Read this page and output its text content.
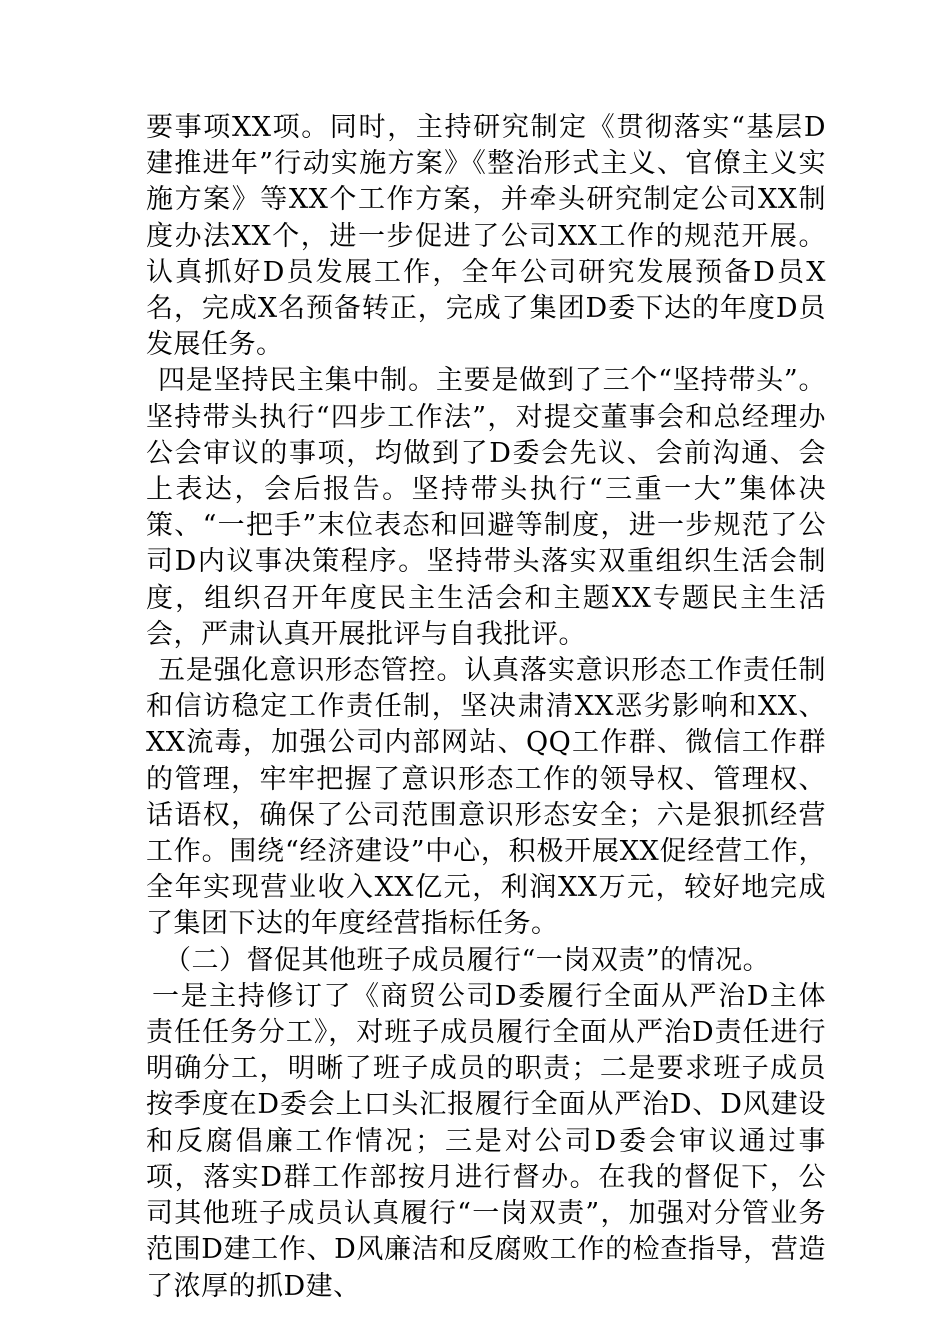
要事项XX项。同时，主持研究制定《贯彻落实“基层D建推进年”行动实施方案》《整治形式主义、官僚主义实施方案》等XX个工作方案，并牵头研究制定公司XX制度办法XX个，进一步促进了公司XX工作的规范开展。认真抓好D员发展工作，全年公司研究发展预备D员X名，完成X名预备转正，完成了集团D委下达的年度D员发展任务。

四是坚持民主集中制。主要是做到了三个“坚持带头”。坚持带头执行“四步工作法”，对提交董事会和总经理办公会审议的事项，均做到了D委会先议、会前沟通、会上表达，会后报告。坚持带头执行“三重一大”集体决策、“一把手”末位表态和回避等制度，进一步规范了公司D内议事决策程序。坚持带头落实双重组织生活会制度，组织召开年度民主生活会和主题XX专题民主生活会，严肃认真开展批评与自我批评。

五是强化意识形态管控。认真落实意识形态工作责任制和信访稳定工作责任制，坚决肃清XX恶劣影响和XX、XX流毒，加强公司内部网站、QQ工作群、微信工作群的管理，牢牢把握了意识形态工作的领导权、管理权、话语权，确保了公司范围意识形态安全；六是狠抓经营工作。围绕“经济建设”中心，积极开展XX促经营工作，全年实现营业收入XX亿元，利润XX万元，较好地完成了集团下达的年度经营指标任务。

（二）督促其他班子成员履行“一岗双责”的情况。

一是主持修订了《商贸公司D委履行全面从严治D主体责任任务分工》，对班子成员履行全面从严治D责任进行明确分工，明晰了班子成员的职责；二是要求班子成员按季度在D委会上口头汇报履行全面从严治D、D风建设和反腐倡廉工作情况；三是对公司D委会审议通过事项，落实D群工作部按月进行督办。在我的督促下，公司其他班子成员认真履行“一岗双责”，加强对分管业务范围D建工作、D风廉洁和反腐败工作的检查指导，营造了浓厚的抓D建、
